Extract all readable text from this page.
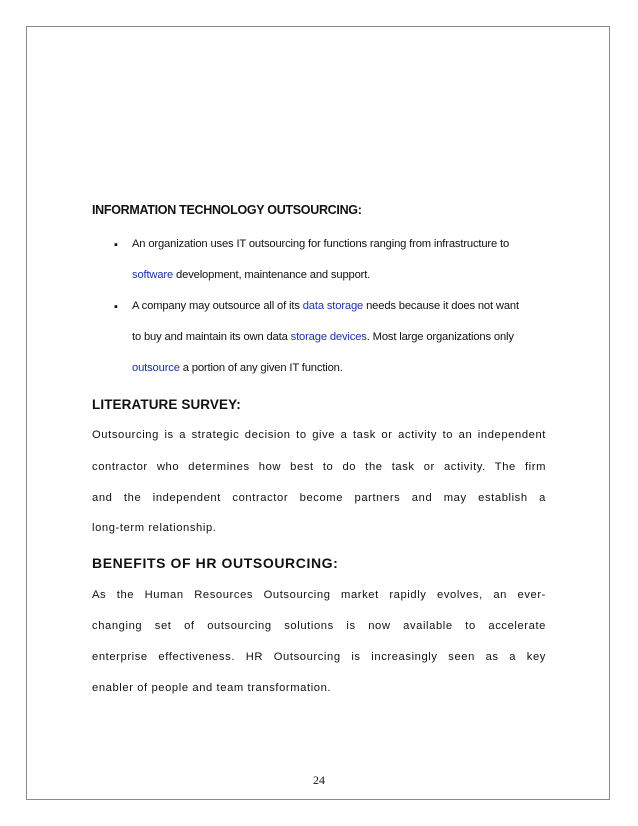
INFORMATION TECHNOLOGY OUTSOURCING:
▪ An organization uses IT outsourcing for functions ranging from infrastructure to
software development, maintenance and support.
▪ A company may outsource all of its data storage needs because it does not want
to buy and maintain its own data storage devices. Most large organizations only
outsource a portion of any given IT function.
LITERATURE SURVEY:
Outsourcing is a strategic decision to give a task or activity to an independent
contractor who determines how best to do the task or activity. The firm
and the independent contractor become partners and may establish a
long-term relationship.
BENEFITS OF HR OUTSOURCING:
As the Human Resources Outsourcing market rapidly evolves, an ever-
changing set of outsourcing solutions is now available to accelerate
enterprise effectiveness. HR Outsourcing is increasingly seen as a key
enabler of people and team transformation.
24
